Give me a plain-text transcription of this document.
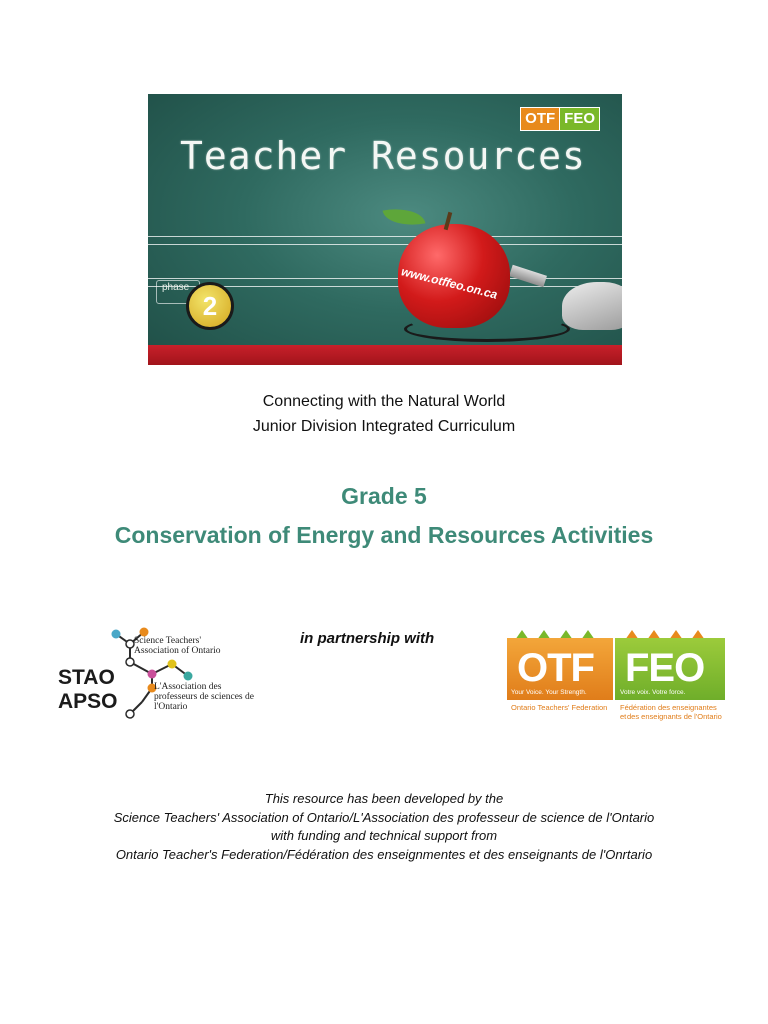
Teacher Resources
OTF FEO
phase
2
www.otffeo.on.ca
Connecting with the Natural World
Junior Division Integrated Curriculum
Grade 5
Conservation of Energy and Resources Activities
STAO
APSO
Science Teachers' Association of Ontario
L'Association des professeurs de sciences de l'Ontario
in partnership with
OTF FEO
Your Voice. Your Strength.	Votre voix. Votre force.
Ontario Teachers' Federation Fédération des enseignantes et des enseignants de l'Ontario
This resource has been developed by the
Science Teachers' Association of Ontario/L'Association des professeur de science de l'Ontario
with funding and technical support from
Ontario Teacher's Federation/Fédération des enseignmentes et des enseignants de l'Onrtario
